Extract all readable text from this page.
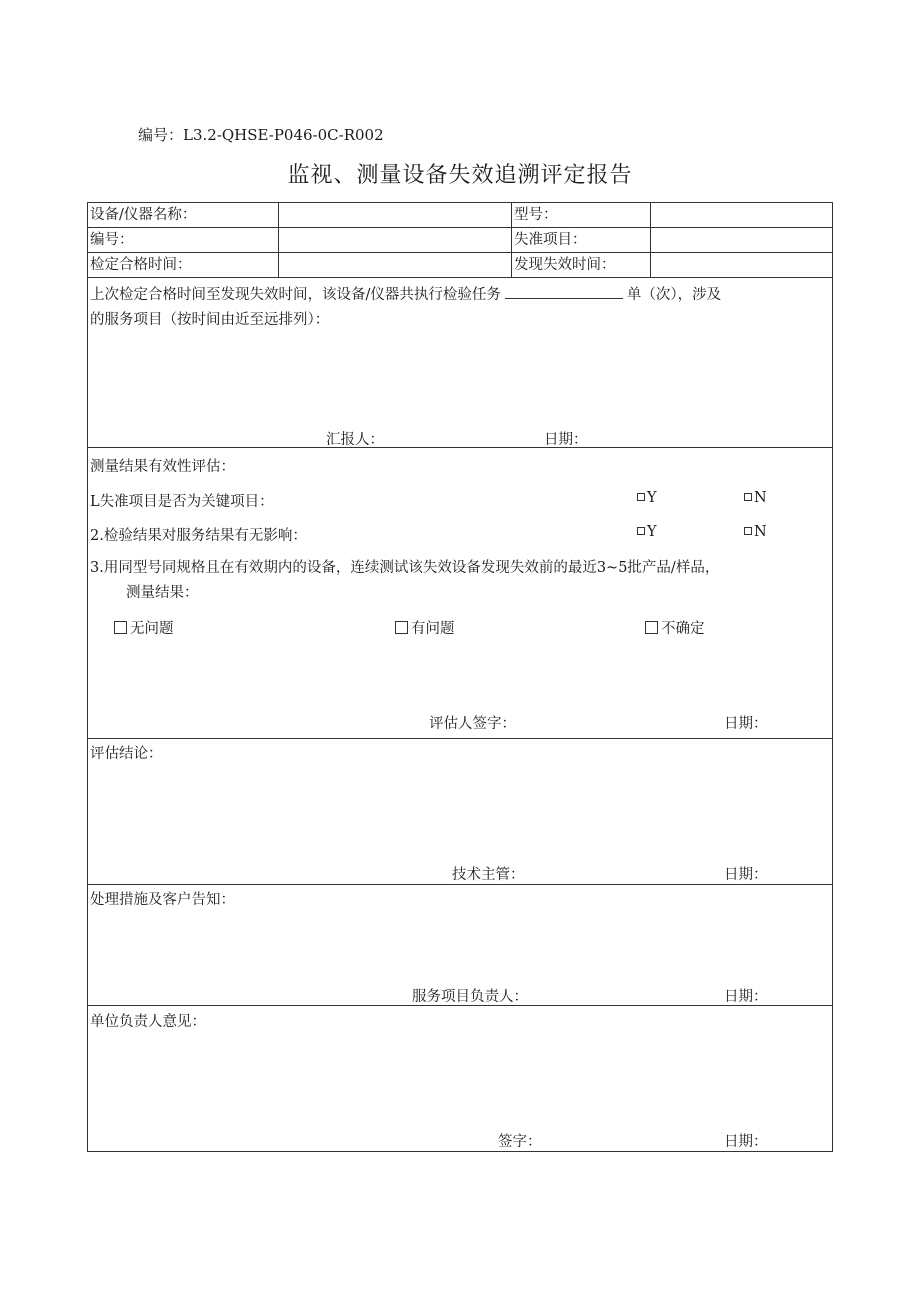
编号：L3.2-QHSE-P046-0C-R002
监视、测量设备失效追溯评定报告
设备/仪器名称：	型号：
编号：	失准项目：
检定合格时间：	发现失效时间：
上次检定合格时间至发现失效时间，该设备/仪器共执行检验任务	单（次），涉及
的服务项目（按时间由近至远排列）：
汇报人：	日期：
测量结果有效性评估：
L失准项目是否为关键项目：	Y	N
2.检验结果对服务结果有无影响：	Y	N
3.用同型号同规格且在有效期内的设备，连续测试该失效设备发现失效前的最近3~5批产品/样品，
测量结果：
无问题	有问题	不确定
评估人签字：	日期：
评估结论：
技术主管：	日期：
处理措施及客户告知：
服务项目负责人：	日期：
单位负责人意见：
签字：	日期：
